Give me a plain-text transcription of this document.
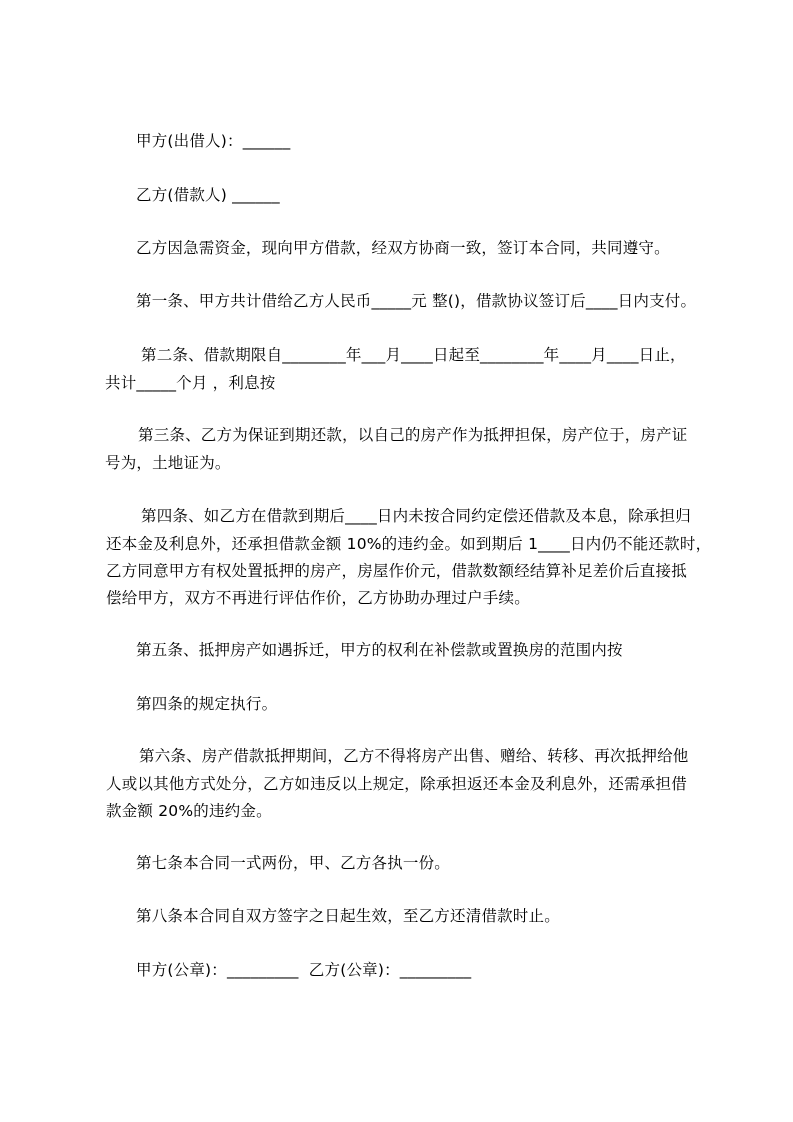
甲方(出借人)：______
乙方(借款人) ______
乙方因急需资金，现向甲方借款，经双方协商一致，签订本合同，共同遵守。
第一条、甲方共计借给乙方人民币_____元 整()，借款协议签订后____日内支付。
第二条、借款期限自________年___月____日起至________年____月____日止，
共计_____个月 ，利息按
第三条、乙方为保证到期还款，以自己的房产作为抵押担保，房产位于，房产证
号为，土地证为。
第四条、如乙方在借款到期后____日内未按合同约定偿还借款及本息，除承担归
还本金及利息外，还承担借款金额 10%的违约金。如到期后 1____日内仍不能还款时，
乙方同意甲方有权处置抵押的房产，房屋作价元，借款数额经结算补足差价后直接抵
偿给甲方，双方不再进行评估作价，乙方协助办理过户手续。
第五条、抵押房产如遇拆迁，甲方的权利在补偿款或置换房的范围内按
第四条的规定执行。
第六条、房产借款抵押期间，乙方不得将房产出售、赠给、转移、再次抵押给他
人或以其他方式处分，乙方如违反以上规定，除承担返还本金及利息外，还需承担借
款金额 20%的违约金。
第七条本合同一式两份，甲、乙方各执一份。
第八条本合同自双方签字之日起生效，至乙方还清借款时止。
甲方(公章)：_________  乙方(公章)：_________
